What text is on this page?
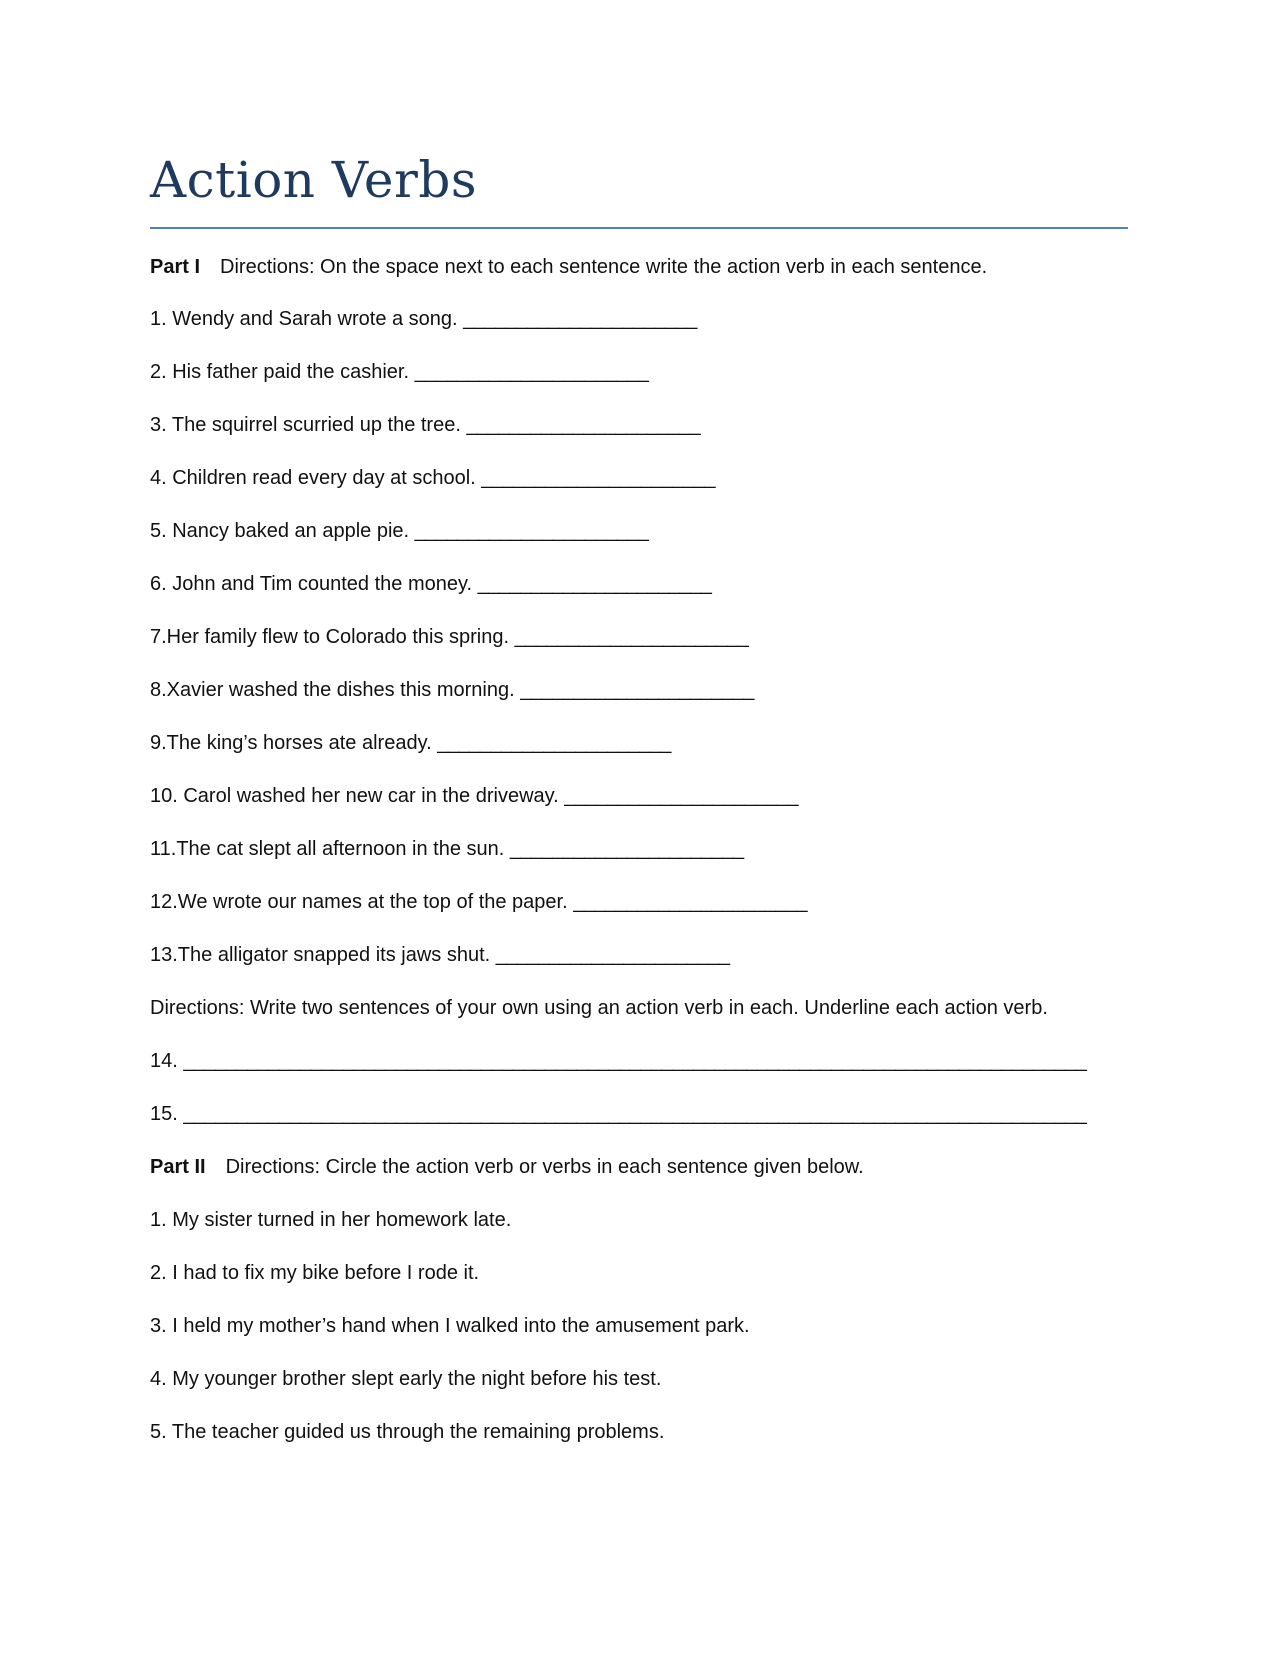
Action Verbs
Part I Directions: On the space next to each sentence write the action verb in each sentence.
1. Wendy and Sarah wrote a song. ______________________
2. His father paid the cashier. ______________________
3. The squirrel scurried up the tree. ______________________
4. Children read every day at school. ______________________
5. Nancy baked an apple pie. ______________________
6. John and Tim counted the money. ______________________
7.Her family flew to Colorado this spring. ______________________
8.Xavier washed the dishes this morning. ______________________
9.The king’s horses ate already. ______________________
10. Carol washed her new car in the driveway. ______________________
11.The cat slept all afternoon in the sun. ______________________
12.We wrote our names at the top of the paper. ______________________
13.The alligator snapped its jaws shut. ______________________
Directions: Write two sentences of your own using an action verb in each. Underline each action verb.
14. _____________________________________________________________________________________
15. _____________________________________________________________________________________
Part II Directions: Circle the action verb or verbs in each sentence given below.
1. My sister turned in her homework late.
2. I had to fix my bike before I rode it.
3. I held my mother’s hand when I walked into the amusement park.
4. My younger brother slept early the night before his test.
5. The teacher guided us through the remaining problems.
